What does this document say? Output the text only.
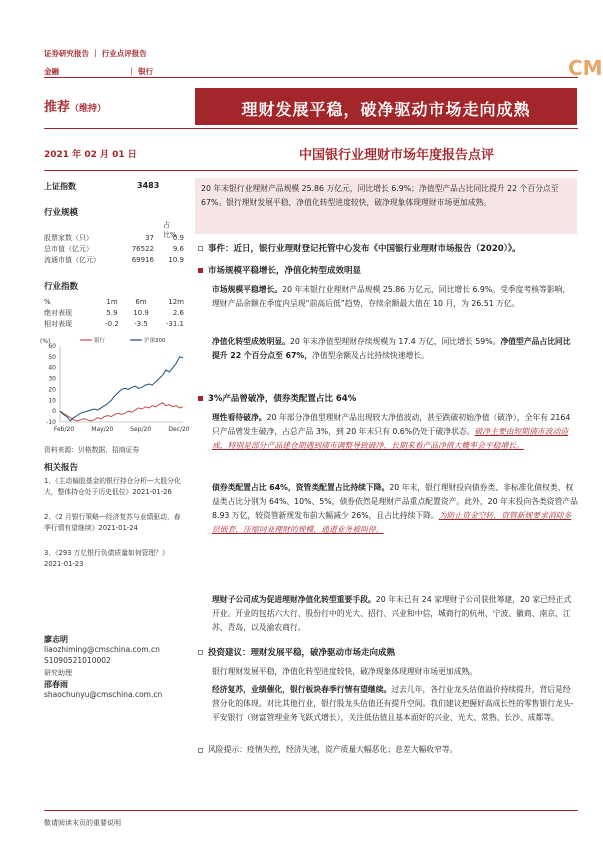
证券研究报告 ｜ 行业点评报告
金融	｜ 银行	CM
推荐（维持）	理财发展平稳，破净驱动市场走向成熟
2021 年 02 月 01 日	中国银行业理财市场年度报告点评
上证指数	3483
行业规模
占比%
股票家数（只）	37	0.9
总市值（亿元）	76522	9.6
流通市值（亿元）	69916	10.9
行业指数
%	1m	6m	12m
绝对表现	5.9	10.9	2.6
相对表现	-0.2	-3.5	-31.1
(%)
60
50
40
30
20
10
0
-10
Feb/20	May/20	Sep/20	Dec/20
银行	沪深300
资料来源：贝格数据、招商证券
相关报告
1、《主动偏股基金的银行持仓分析—大股分化大，整体持仓处于历史低位》2021-01-26
2、《2 月银行策略—经济复苏与业绩驱动，春季行情有望继续》2021-01-24
3、《293 万亿银行负债质量如何管理？》2021-01-23
廖志明
liaozhiming@cmschina.com.cn
S1090521010002
研究助理
邵春雨
shaochunyu@cmschina.com.cn

20 年末银行业理财产品规模 25.86 万亿元，同比增长 6.9%；净值型产品占比同比提升 22 个百分点至 67%。银行理财发展平稳，净值化转型进度较快，破净现象体现理财市场更加成熟。

事件：近日，银行业理财登记托管中心发布《中国银行业理财市场报告（2020）》。
市场规模平稳增长，净值化转型成效明显
市场规模平稳增长。20 年末银行业理财产品规模 25.86 万亿元，同比增长 6.9%。受季度考核等影响，理财产品余额在季度内呈现“前高后低”趋势，存续余额最大值在 10 月，为 26.51 万亿。
净值化转型成效明显。20 年末净值型理财存续规模为 17.4 万亿，同比增长 59%。净值型产品占比同比提升 22 个百分点至 67%，净值型余额及占比持续快速增长。
3%产品曾破净，债券类配置占比 64%
理性看待破净。20 年部分净值型理财产品出现较大净值波动，甚至跌破初始净值（破净），全年有 2164 只产品曾发生破净，占总产品 3%，到 20 年末只有 0.6%仍处于破净状态。破净主要由短期债市波动造成，特别是部分产品建仓期遇到债市调整导致破净，长期来看产品净值大概率会平稳增长。
债券类配置占比 64%，资管类配置占比持续下降。20 年末，银行理财投向债券类、非标准化债权类、权益类占比分别为 64%、10%、5%，债券依然是理财产品重点配置资产。此外，20 年末投向各类资管产品 8.93 万亿，较资管新规发布前大幅减少 26%，且占比持续下降。为防止资金空转，资管新规要求消除多层嵌套，压缩同业理财的规模，通道业务被叫停。
理财子公司成为促进理财净值化转型重要手段。20 年末已有 24 家理财子公司获批筹建，20 家已经正式开业。开业的包括六大行、股份行中的光大、招行、兴业和中信，城商行的杭州、宁波、徽商、南京、江苏、青岛，以及渝农商行。
投资建议：理财发展平稳，破净驱动市场走向成熟
银行理财发展平稳，净值化转型进度较快，破净现象体现理财市场更加成熟。
经济复苏，业绩催化，银行板块春季行情有望继续。过去几年，各行业龙头估值溢价持续提升，背后是经营分化的体现。对比其他行业，银行股龙头估值还有提升空间。我们建议把握好高成长性的零售银行龙头-平安银行（财富管理业务飞跃式增长），关注低估值且基本面好的兴业、光大、常熟、长沙、成都等。
风险提示：疫情失控，经济失速，资产质量大幅恶化；息差大幅收窄等。
敬请阅读末页的重要说明
